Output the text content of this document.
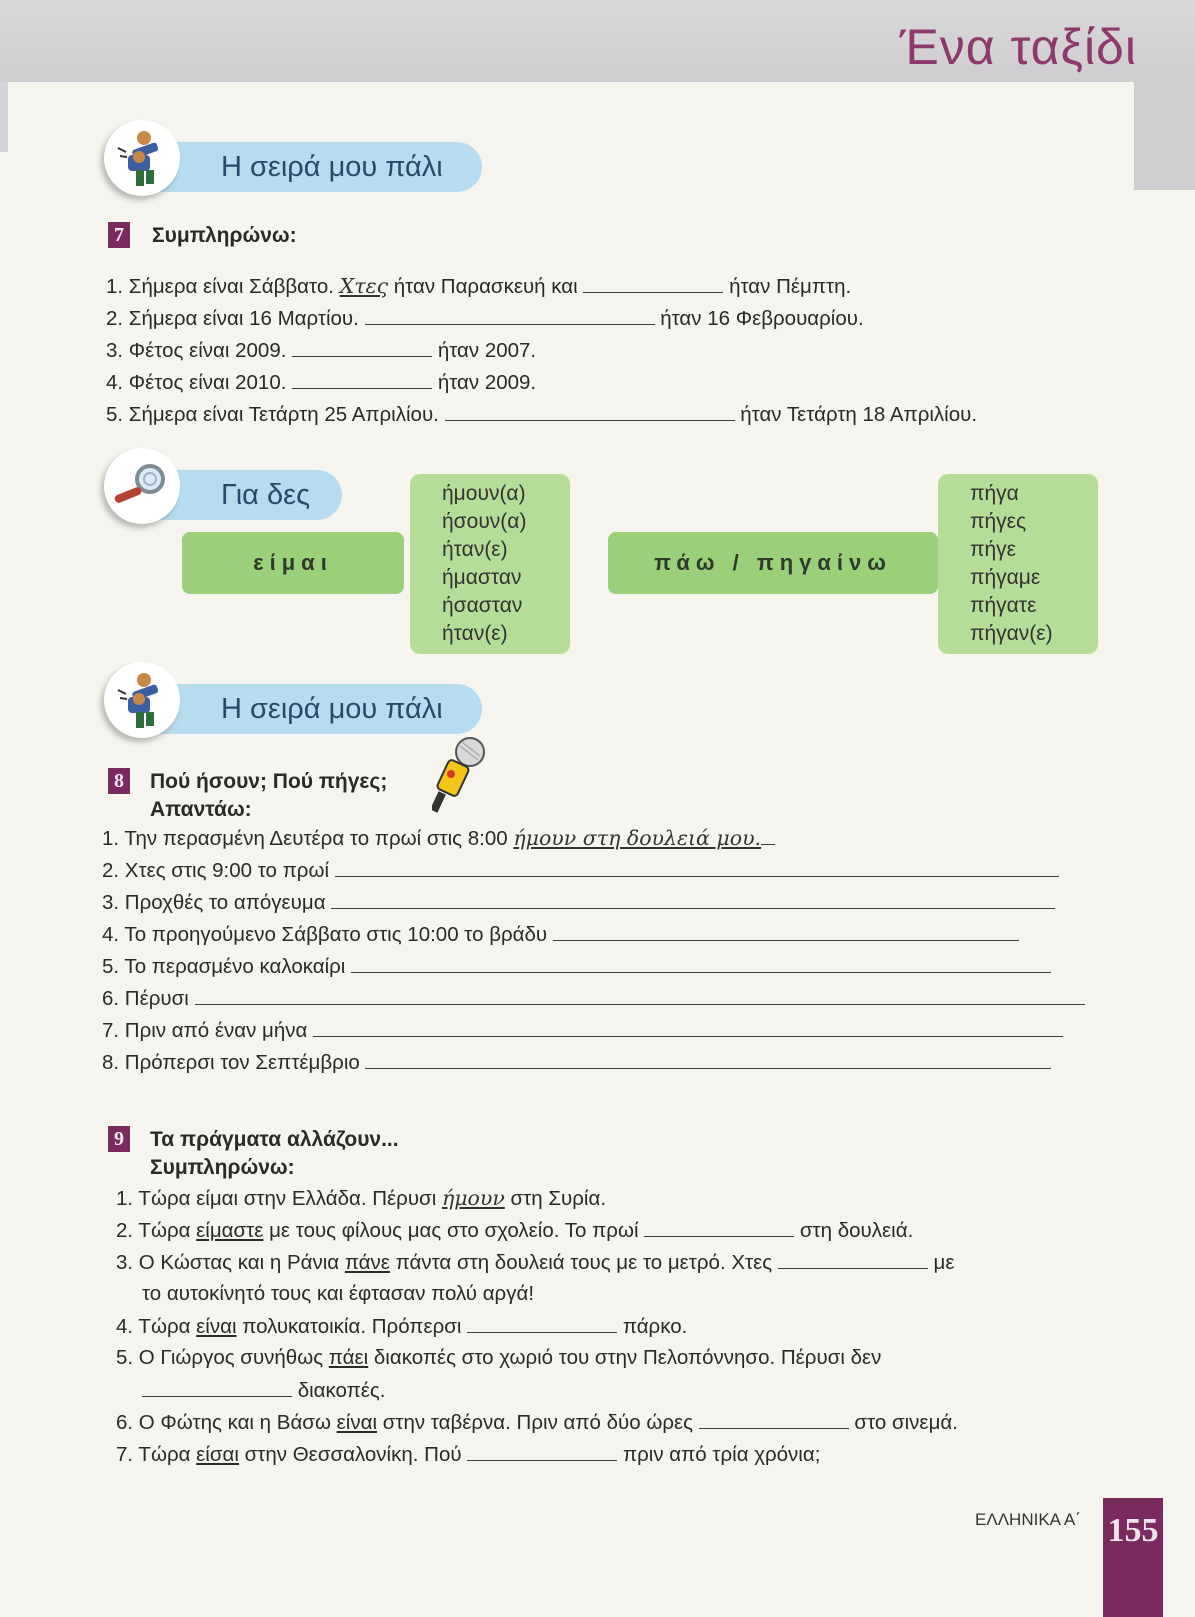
Ένα ταξίδι
Η σειρά μου πάλι
7 Συμπληρώνω:
1. Σήμερα είναι Σάββατο. Χτες ήταν Παρασκευή και	ήταν Πέμπτη.
2. Σήμερα είναι 16 Μαρτίου.	ήταν 16 Φεβρουαρίου.
3. Φέτος είναι 2009.	ήταν 2007.
4. Φέτος είναι 2010.	ήταν 2009.
5. Σήμερα είναι Τετάρτη 25 Απριλίου.	ήταν Τετάρτη 18 Απριλίου.
Για δες
είμαι
ήμουν(α)
ήσουν(α)
ήταν(ε)
ήμασταν
ήσασταν
ήταν(ε)
πάω / πηγαίνω
πήγα
πήγες
πήγε
πήγαμε
πήγατε
πήγαν(ε)
Η σειρά μου πάλι
8 Πού ήσουν; Πού πήγες;
Απαντάω:
1. Την περασμένη Δευτέρα το πρωί στις 8:00 ήμουν στη δουλειά μου.
2. Χτες στις 9:00 το πρωί
3. Προχθές το απόγευμα
4. Το προηγούμενο Σάββατο στις 10:00 το βράδυ
5. Το περασμένο καλοκαίρι
6. Πέρυσι
7. Πριν από έναν μήνα
8. Πρόπερσι τον Σεπτέμβριο
9 Τα πράγματα αλλάζουν...
Συμπληρώνω:
1. Τώρα είμαι στην Ελλάδα. Πέρυσι ήμουν στη Συρία.
2. Τώρα είμαστε με τους φίλους μας στο σχολείο. Το πρωί	στη δουλειά.
3. Ο Κώστας και η Ράνια πάνε πάντα στη δουλειά τους με το μετρό. Χτες	με
το αυτοκίνητό τους και έφτασαν πολύ αργά!
4. Τώρα είναι πολυκατοικία. Πρόπερσι	πάρκο.
5. Ο Γιώργος συνήθως πάει διακοπές στο χωριό του στην Πελοπόννησο. Πέρυσι δεν
διακοπές.
6. Ο Φώτης και η Βάσω είναι στην ταβέρνα. Πριν από δύο ώρες	στο σινεμά.
7. Τώρα είσαι στην Θεσσαλονίκη. Πού	πριν από τρία χρόνια;
ΕΛΛΗΝΙΚΑ Α΄ 155
